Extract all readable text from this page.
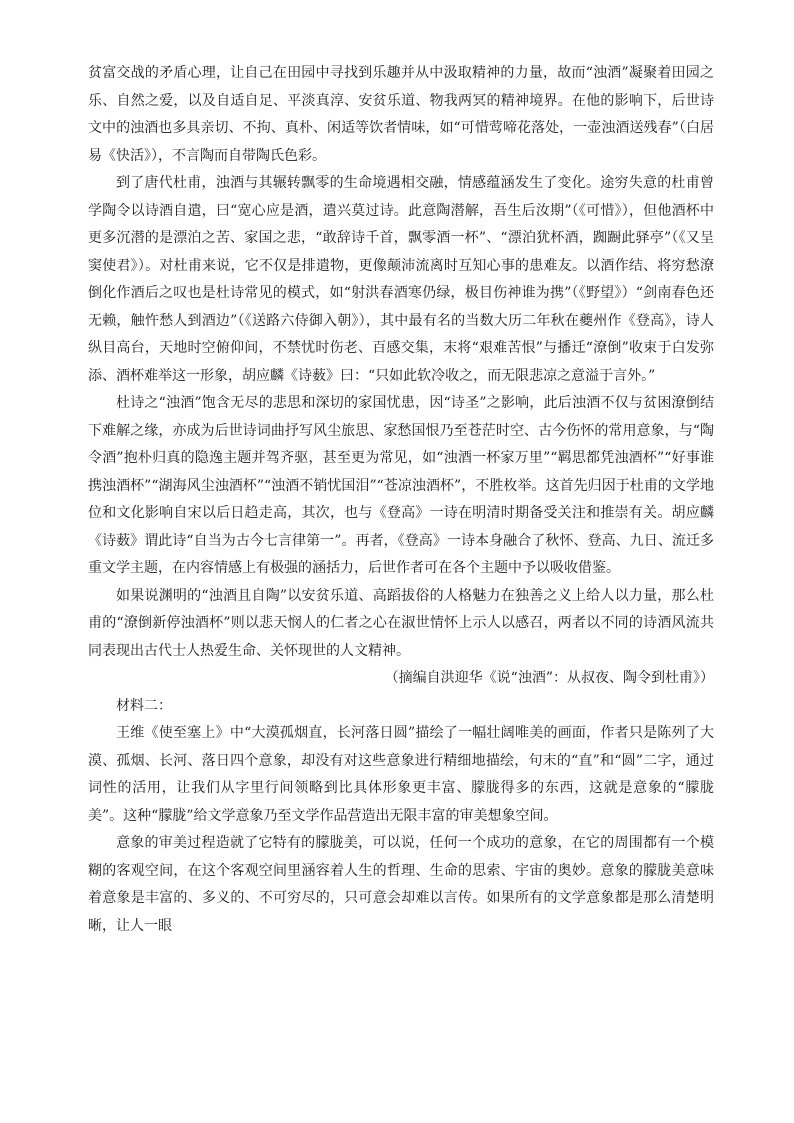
贫富交战的矛盾心理，让自己在田园中寻找到乐趣并从中汲取精神的力量，故而“浊酒”凝聚着田园之乐、自然之爱，以及自适自足、平淡真淳、安贫乐道、物我两冥的精神境界。在他的影响下，后世诗文中的浊酒也多具亲切、不拘、真朴、闲适等饮者情味，如“可惜莺啼花落处，一壶浊酒送残春”（白居易《快活》），不言陶而自带陶氏色彩。

到了唐代杜甫，浊酒与其辗转飘零的生命境遇相交融，情感蕴涵发生了变化。途穷失意的杜甫曾学陶令以诗酒自遣，曰“宽心应是酒，遣兴莫过诗。此意陶潜解，吾生后汝期”（《可惜》），但他酒杯中更多沉潜的是漂泊之苦、家国之悲，“敢辞诗千首，飘零酒一杯”、“漂泊犹杯酒，踟蹰此驿亭”（《又呈窦使君》）。对杜甫来说，它不仅是排遣物，更像颠沛流离时互知心事的患难友。以酒作结、将穷愁潦倒化作酒后之叹也是杜诗常见的模式，如“射洪春酒寒仍绿，极目伤神谁为携”（《野望》）“剑南春色还无赖，触忤愁人到酒边”（《送路六侍御入朝》），其中最有名的当数大历二年秋在夔州作《登高》，诗人纵目高台，天地时空俯仰间，不禁忧时伤老、百感交集，末将“艰难苦恨”与播迁“潦倒”收束于白发弥添、酒杯难举这一形象，胡应麟《诗薮》曰：“只如此软冷收之，而无限悲凉之意溢于言外。”

杜诗之“浊酒”饱含无尽的悲思和深切的家国忧患，因“诗圣”之影响，此后浊酒不仅与贫困潦倒结下难解之缘，亦成为后世诗词曲抒写风尘旅思、家愁国恨乃至苍茫时空、古今伤怀的常用意象，与“陶令酒”抱朴归真的隐逸主题并驾齐驱，甚至更为常见，如“浊酒一杯家万里”“羁思都凭浊酒杯”“好事谁携浊酒杯”“湖海风尘浊酒杯”“浊酒不销忧国泪”“苍凉浊酒杯”，不胜枚举。这首先归因于杜甫的文学地位和文化影响自宋以后日趋走高，其次，也与《登高》一诗在明清时期备受关注和推崇有关。胡应麟《诗薮》谓此诗“自当为古今七言律第一”。再者，《登高》一诗本身融合了秋怀、登高、九日、流迁多重文学主题，在内容情感上有极强的涵括力，后世作者可在各个主题中予以吸收借鉴。

如果说渊明的“浊酒且自陶”以安贫乐道、高蹈拔俗的人格魅力在独善之义上给人以力量，那么杜甫的“潦倒新停浊酒杯”则以悲天悯人的仁者之心在淑世情怀上示人以感召，两者以不同的诗酒风流共同表现出古代士人热爱生命、关怀现世的人文精神。

（摘编自洪迎华《说“浊酒”：从叔夜、陶令到杜甫》）

材料二：

王维《使至塞上》中“大漠孤烟直，长河落日圆”描绘了一幅壮阔唯美的画面，作者只是陈列了大漠、孤烟、长河、落日四个意象，却没有对这些意象进行精细地描绘，句末的“直”和“圆”二字，通过词性的活用，让我们从字里行间领略到比具体形象更丰富、朦胧得多的东西，这就是意象的“朦胧美”。这种“朦胧”给文学意象乃至文学作品营造出无限丰富的审美想象空间。

意象的审美过程造就了它特有的朦胧美，可以说，任何一个成功的意象，在它的周围都有一个模糊的客观空间，在这个客观空间里涵容着人生的哲理、生命的思索、宇宙的奥妙。意象的朦胧美意味着意象是丰富的、多义的、不可穷尽的，只可意会却难以言传。如果所有的文学意象都是那么清楚明晰，让人一眼
